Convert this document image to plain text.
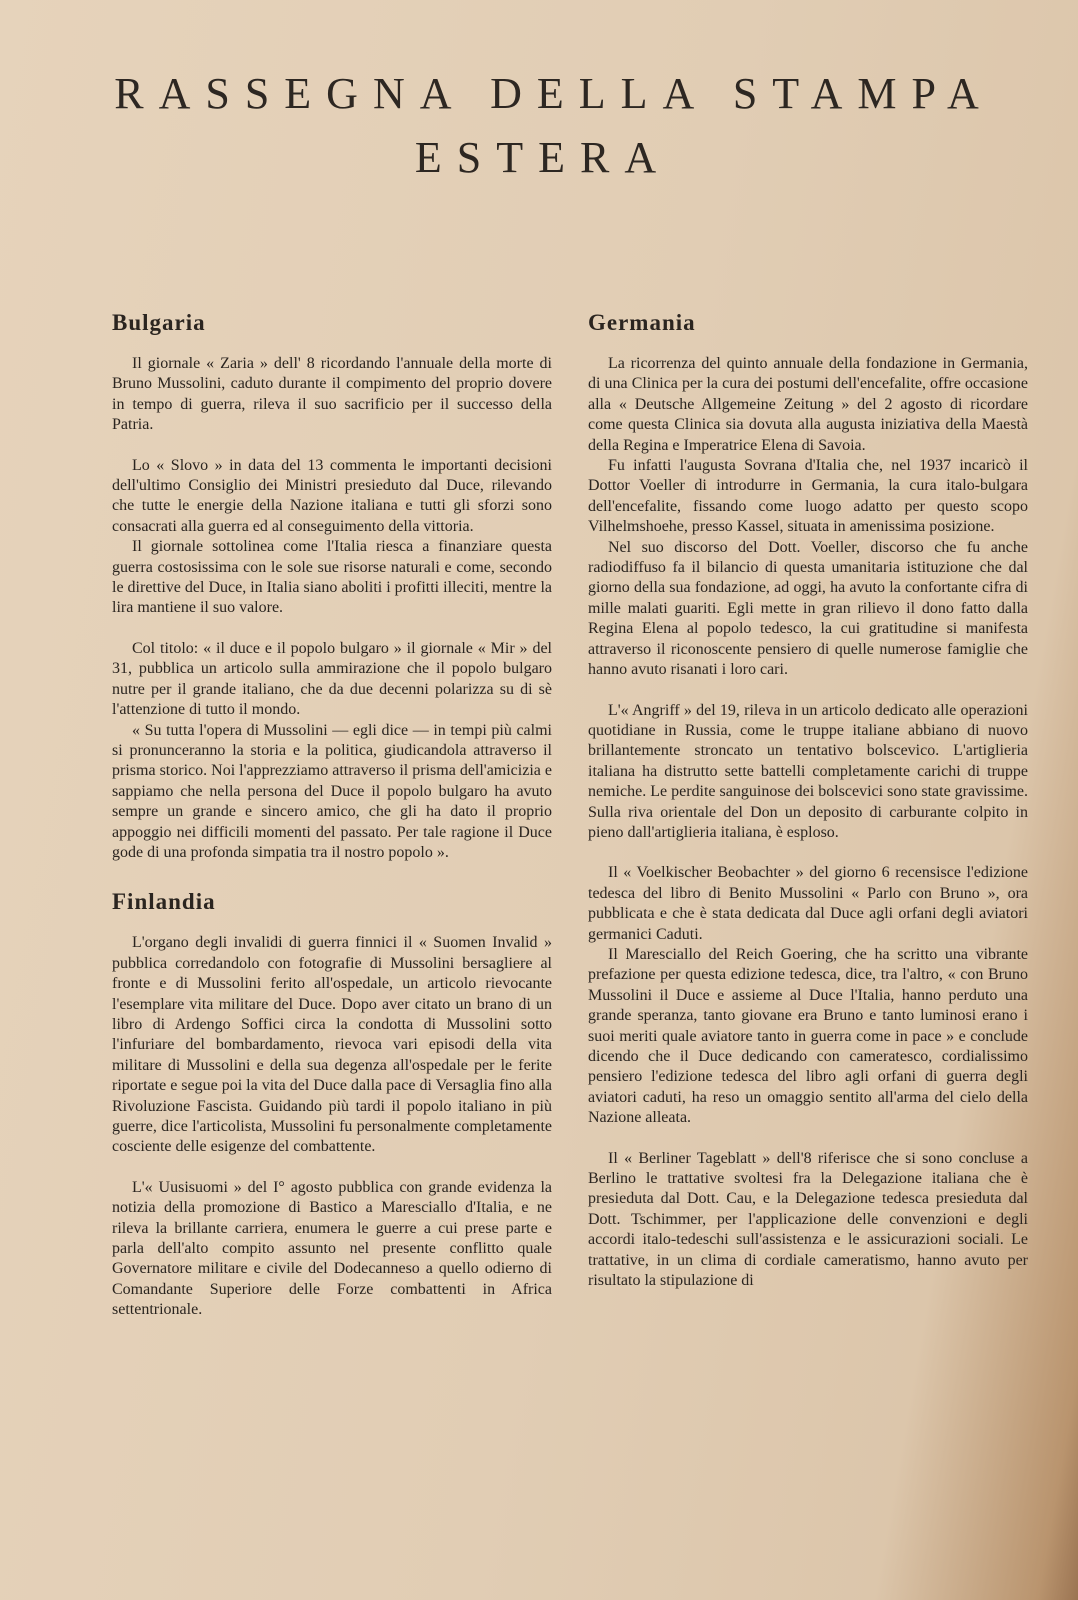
RASSEGNA DELLA STAMPA
ESTERA
Bulgaria

Il giornale « Zaria » dell' 8 ricordando l'annuale della morte di Bruno Mussolini, caduto durante il compimento del proprio dovere in tempo di guerra, rileva il suo sacrificio per il successo della Patria.

Lo « Slovo » in data del 13 commenta le importanti decisioni dell'ultimo Consiglio dei Ministri presieduto dal Duce, rilevando che tutte le energie della Nazione italiana e tutti gli sforzi sono consacrati alla guerra ed al conseguimento della vittoria.

Il giornale sottolinea come l'Italia riesca a finanziare questa guerra costosissima con le sole sue risorse naturali e come, secondo le direttive del Duce, in Italia siano aboliti i profitti illeciti, mentre la lira mantiene il suo valore.

Col titolo: « il duce e il popolo bulgaro » il giornale « Mir » del 31, pubblica un articolo sulla ammirazione che il popolo bulgaro nutre per il grande italiano, che da due decenni polarizza su di sè l'attenzione di tutto il mondo.

« Su tutta l'opera di Mussolini — egli dice — in tempi più calmi si pronunceranno la storia e la politica, giudicandola attraverso il prisma storico. Noi l'apprezziamo attraverso il prisma dell'amicizia e sappiamo che nella persona del Duce il popolo bulgaro ha avuto sempre un grande e sincero amico, che gli ha dato il proprio appoggio nei difficili momenti del passato. Per tale ragione il Duce gode di una profonda simpatia tra il nostro popolo ».

Finlandia

L'organo degli invalidi di guerra finnici il « Suomen Invalid » pubblica corredandolo con fotografie di Mussolini bersagliere al fronte e di Mussolini ferito all'ospedale, un articolo rievocante l'esemplare vita militare del Duce. Dopo aver citato un brano di un libro di Ardengo Soffici circa la condotta di Mussolini sotto l'infuriare del bombardamento, rievoca vari episodi della vita militare di Mussolini e della sua degenza all'ospedale per le ferite riportate e segue poi la vita del Duce dalla pace di Versaglia fino alla Rivoluzione Fascista. Guidando più tardi il popolo italiano in più guerre, dice l'articolista, Mussolini fu personalmente completamente cosciente delle esigenze del combattente.

L'« Uusisuomi » del I° agosto pubblica con grande evidenza la notizia della promozione di Bastico a Maresciallo d'Italia, e ne rileva la brillante carriera, enumera le guerre a cui prese parte e parla dell'alto compito assunto nel presente conflitto quale Governatore militare e civile del Dodecanneso a quello odierno di Comandante Superiore delle Forze combattenti in Africa settentrionale.

Germania

La ricorrenza del quinto annuale della fondazione in Germania, di una Clinica per la cura dei postumi dell'encefalite, offre occasione alla « Deutsche Allgemeine Zeitung » del 2 agosto di ricordare come questa Clinica sia dovuta alla augusta iniziativa della Maestà della Regina e Imperatrice Elena di Savoia.

Fu infatti l'augusta Sovrana d'Italia che, nel 1937 incaricò il Dottor Voeller di introdurre in Germania, la cura italo-bulgara dell'encefalite, fissando come luogo adatto per questo scopo Vilhelmshoehe, presso Kassel, situata in amenissima posizione.

Nel suo discorso del Dott. Voeller, discorso che fu anche radiodiffuso fa il bilancio di questa umanitaria istituzione che dal giorno della sua fondazione, ad oggi, ha avuto la confortante cifra di mille malati guariti. Egli mette in gran rilievo il dono fatto dalla Regina Elena al popolo tedesco, la cui gratitudine si manifesta attraverso il riconoscente pensiero di quelle numerose famiglie che hanno avuto risanati i loro cari.

L'« Angriff » del 19, rileva in un articolo dedicato alle operazioni quotidiane in Russia, come le truppe italiane abbiano di nuovo brillantemente stroncato un tentativo bolscevico. L'artiglieria italiana ha distrutto sette battelli completamente carichi di truppe nemiche. Le perdite sanguinose dei bolscevici sono state gravissime. Sulla riva orientale del Don un deposito di carburante colpito in pieno dall'artiglieria italiana, è esploso.

Il « Voelkischer Beobachter » del giorno 6 recensisce l'edizione tedesca del libro di Benito Mussolini « Parlo con Bruno », ora pubblicata e che è stata dedicata dal Duce agli orfani degli aviatori germanici Caduti.

Il Maresciallo del Reich Goering, che ha scritto una vibrante prefazione per questa edizione tedesca, dice, tra l'altro, « con Bruno Mussolini il Duce e assieme al Duce l'Italia, hanno perduto una grande speranza, tanto giovane era Bruno e tanto luminosi erano i suoi meriti quale aviatore tanto in guerra come in pace » e conclude dicendo che il Duce dedicando con cameratesco, cordialissimo pensiero l'edizione tedesca del libro agli orfani di guerra degli aviatori caduti, ha reso un omaggio sentito all'arma del cielo della Nazione alleata.

Il « Berliner Tageblatt » dell'8 riferisce che si sono concluse a Berlino le trattative svoltesi fra la Delegazione italiana che è presieduta dal Dott. Cau, e la Delegazione tedesca presieduta dal Dott. Tschimmer, per l'applicazione delle convenzioni e degli accordi italo-tedeschi sull'assistenza e le assicurazioni sociali. Le trattative, in un clima di cordiale cameratismo, hanno avuto per risultato la stipulazione di
